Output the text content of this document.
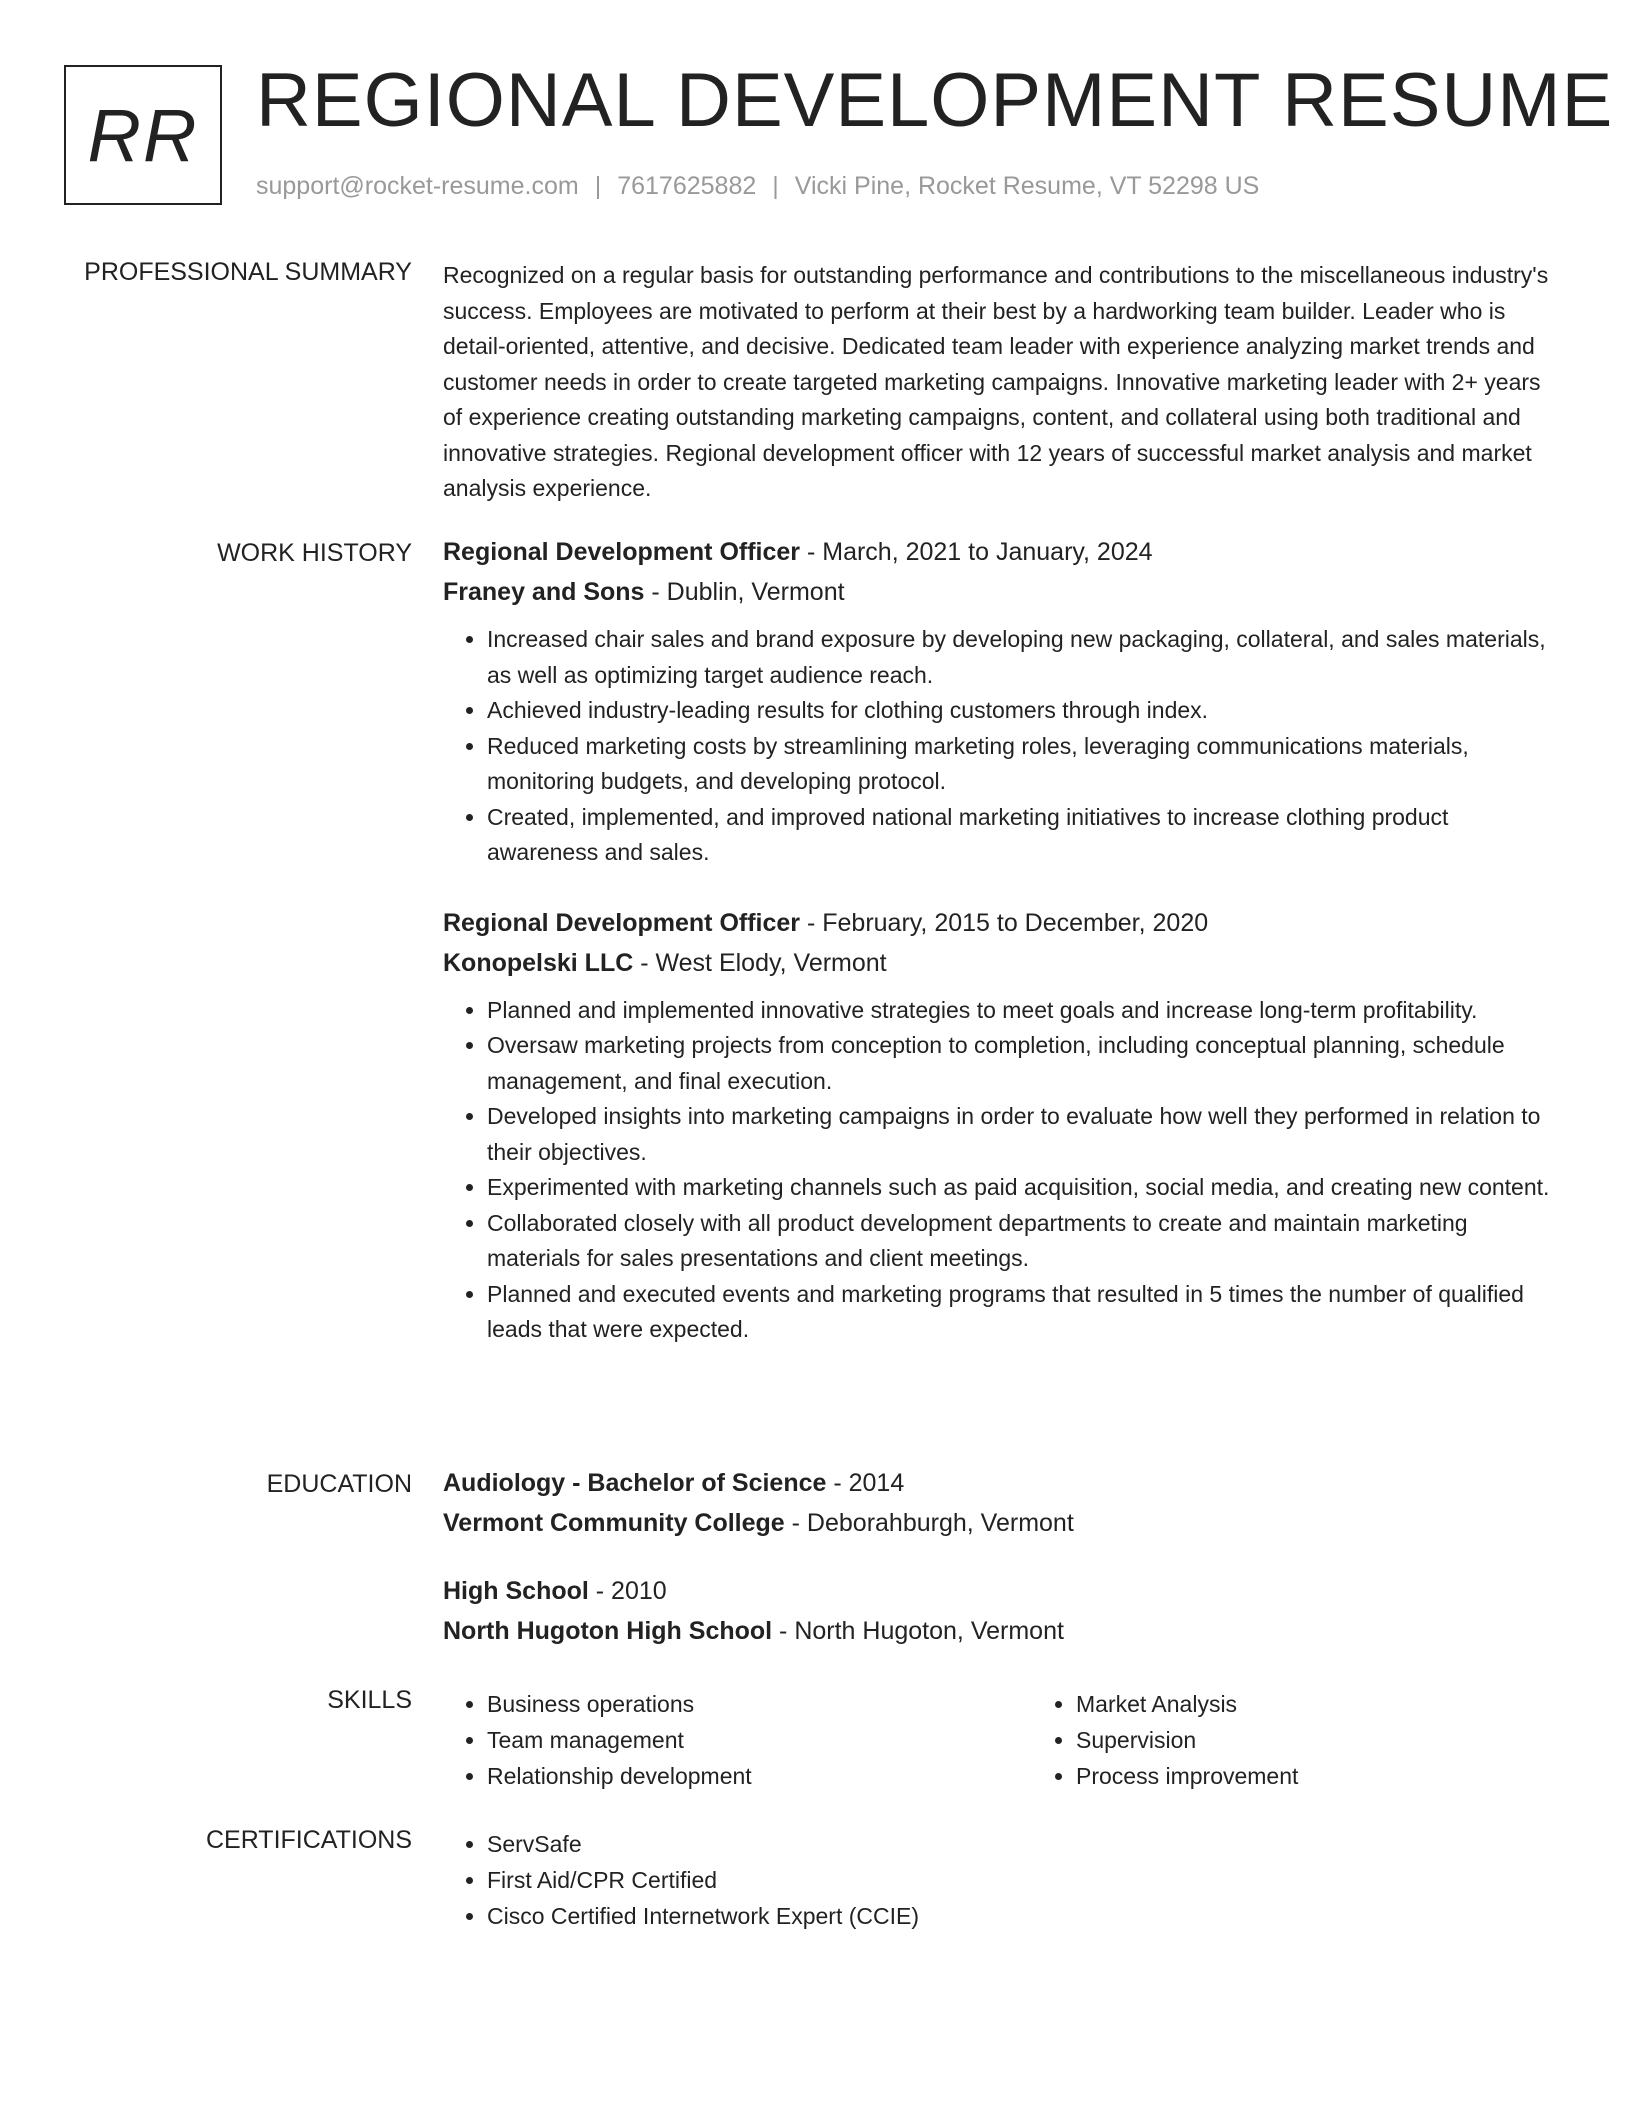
RR REGIONAL DEVELOPMENT RESUME
support@rocket-resume.com | 7617625882 | Vicki Pine, Rocket Resume, VT 52298 US
PROFESSIONAL SUMMARY Recognized on a regular basis for outstanding performance and contributions to the miscellaneous industry's success. Employees are motivated to perform at their best by a hardworking team builder. Leader who is detail-oriented, attentive, and decisive. Dedicated team leader with experience analyzing market trends and customer needs in order to create targeted marketing campaigns. Innovative marketing leader with 2+ years of experience creating outstanding marketing campaigns, content, and collateral using both traditional and innovative strategies. Regional development officer with 12 years of successful market analysis and market analysis experience.

WORK HISTORY Regional Development Officer - March, 2021 to January, 2024
Franey and Sons - Dublin, Vermont
• Increased chair sales and brand exposure by developing new packaging, collateral, and sales materials, as well as optimizing target audience reach.
• Achieved industry-leading results for clothing customers through index.
• Reduced marketing costs by streamlining marketing roles, leveraging communications materials, monitoring budgets, and developing protocol.
• Created, implemented, and improved national marketing initiatives to increase clothing product awareness and sales.
Regional Development Officer - February, 2015 to December, 2020
Konopelski LLC - West Elody, Vermont
• Planned and implemented innovative strategies to meet goals and increase long-term profitability.
• Oversaw marketing projects from conception to completion, including conceptual planning, schedule management, and final execution.
• Developed insights into marketing campaigns in order to evaluate how well they performed in relation to their objectives.
• Experimented with marketing channels such as paid acquisition, social media, and creating new content.
• Collaborated closely with all product development departments to create and maintain marketing materials for sales presentations and client meetings.
• Planned and executed events and marketing programs that resulted in 5 times the number of qualified leads that were expected.
EDUCATION Audiology - Bachelor of Science - 2014
Vermont Community College - Deborahburgh, Vermont
High School - 2010
North Hugoton High School - North Hugoton, Vermont
SKILLS	• Business operations
• Team management
• Relationship development
• Market Analysis
• Supervision
• Process improvement
CERTIFICATIONS	• ServSafe
• First Aid/CPR Certified
• Cisco Certified Internetwork Expert (CCIE)
